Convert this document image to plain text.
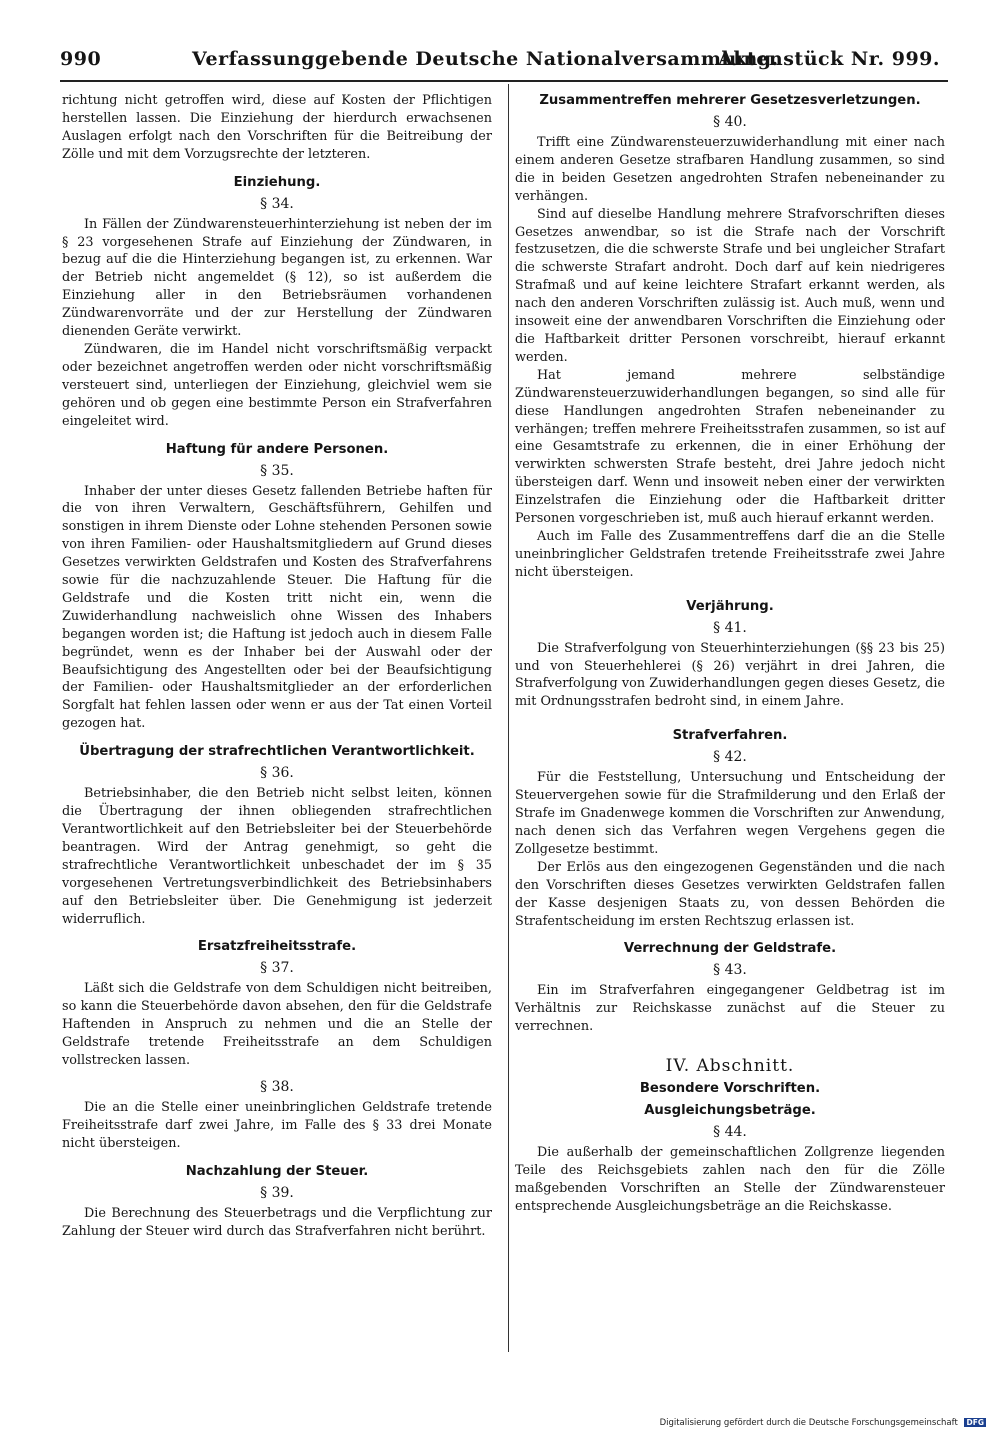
990	Verfassunggebende Deutsche Nationalversammlung.
Aktenstück Nr. 999.

richtung nicht getroffen wird, diese auf Kosten der Pflichtigen herstellen lassen. Die Einziehung der hierdurch erwachsenen Auslagen erfolgt nach den Vorschriften für die Beitreibung der Zölle und mit dem Vorzugsrechte der letzteren.

Einziehung.
§ 34.

In Fällen der Zündwarensteuerhinterziehung ist neben der im § 23 vorgesehenen Strafe auf Einziehung der Zündwaren, in bezug auf die die Hinterziehung begangen ist, zu erkennen. War der Betrieb nicht angemeldet (§ 12), so ist außerdem die Einziehung aller in den Betriebsräumen vorhandenen Zündwarenvorräte und der zur Herstellung der Zündwaren dienenden Geräte verwirkt.

Zündwaren, die im Handel nicht vorschriftsmäßig verpackt oder bezeichnet angetroffen werden oder nicht vorschriftsmäßig versteuert sind, unterliegen der Einziehung, gleichviel wem sie gehören und ob gegen eine bestimmte Person ein Strafverfahren eingeleitet wird.

Haftung für andere Personen.
§ 35.

Inhaber der unter dieses Gesetz fallenden Betriebe haften für die von ihren Verwaltern, Geschäftsführern, Gehilfen und sonstigen in ihrem Dienste oder Lohne stehenden Personen sowie von ihren Familien- oder Haushaltsmitgliedern auf Grund dieses Gesetzes verwirkten Geldstrafen und Kosten des Strafverfahrens sowie für die nachzuzahlende Steuer. Die Haftung für die Geldstrafe und die Kosten tritt nicht ein, wenn die Zuwiderhandlung nachweislich ohne Wissen des Inhabers begangen worden ist; die Haftung ist jedoch auch in diesem Falle begründet, wenn es der Inhaber bei der Auswahl oder der Beaufsichtigung des Angestellten oder bei der Beaufsichtigung der Familien- oder Haushaltsmitglieder an der erforderlichen Sorgfalt hat fehlen lassen oder wenn er aus der Tat einen Vorteil gezogen hat.

Übertragung der strafrechtlichen Verantwortlichkeit.
§ 36.

Betriebsinhaber, die den Betrieb nicht selbst leiten, können die Übertragung der ihnen obliegenden strafrechtlichen Verantwortlichkeit auf den Betriebsleiter bei der Steuerbehörde beantragen. Wird der Antrag genehmigt, so geht die strafrechtliche Verantwortlichkeit unbeschadet der im § 35 vorgesehenen Vertretungsverbindlichkeit des Betriebsinhabers auf den Betriebsleiter über. Die Genehmigung ist jederzeit widerruflich.

Ersatzfreiheitsstrafe.
§ 37.

Läßt sich die Geldstrafe von dem Schuldigen nicht beitreiben, so kann die Steuerbehörde davon absehen, den für die Geldstrafe Haftenden in Anspruch zu nehmen und die an Stelle der Geldstrafe tretende Freiheitsstrafe an dem Schuldigen vollstrecken lassen.

§ 38.

Die an die Stelle einer uneinbringlichen Geldstrafe tretende Freiheitsstrafe darf zwei Jahre, im Falle des § 33 drei Monate nicht übersteigen.

Nachzahlung der Steuer.
§ 39.

Die Berechnung des Steuerbetrags und die Verpflichtung zur Zahlung der Steuer wird durch das Strafverfahren nicht berührt.

Zusammentreffen mehrerer Gesetzesverletzungen.
§ 40.

Trifft eine Zündwarensteuerzuwiderhandlung mit einer nach einem anderen Gesetze strafbaren Handlung zusammen, so sind die in beiden Gesetzen angedrohten Strafen nebeneinander zu verhängen.

Sind auf dieselbe Handlung mehrere Strafvorschriften dieses Gesetzes anwendbar, so ist die Strafe nach der Vorschrift festzusetzen, die die schwerste Strafe und bei ungleicher Strafart die schwerste Strafart androht. Doch darf auf kein niedrigeres Strafmaß und auf keine leichtere Strafart erkannt werden, als nach den anderen Vorschriften zulässig ist. Auch muß, wenn und insoweit eine der anwendbaren Vorschriften die Einziehung oder die Haftbarkeit dritter Personen vorschreibt, hierauf erkannt werden.

Hat jemand mehrere selbständige Zündwarensteuerzuwiderhandlungen begangen, so sind alle für diese Handlungen angedrohten Strafen nebeneinander zu verhängen; treffen mehrere Freiheitsstrafen zusammen, so ist auf eine Gesamtstrafe zu erkennen, die in einer Erhöhung der verwirkten schwersten Strafe besteht, drei Jahre jedoch nicht übersteigen darf. Wenn und insoweit neben einer der verwirkten Einzelstrafen die Einziehung oder die Haftbarkeit dritter Personen vorgeschrieben ist, muß auch hierauf erkannt werden.

Auch im Falle des Zusammentreffens darf die an die Stelle uneinbringlicher Geldstrafen tretende Freiheitsstrafe zwei Jahre nicht übersteigen.

Verjährung.
§ 41.

Die Strafverfolgung von Steuerhinterziehungen (§§ 23 bis 25) und von Steuerhehlerei (§ 26) verjährt in drei Jahren, die Strafverfolgung von Zuwiderhandlungen gegen dieses Gesetz, die mit Ordnungsstrafen bedroht sind, in einem Jahre.

Strafverfahren.
§ 42.

Für die Feststellung, Untersuchung und Entscheidung der Steuervergehen sowie für die Strafmilderung und den Erlaß der Strafe im Gnadenwege kommen die Vorschriften zur Anwendung, nach denen sich das Verfahren wegen Vergehens gegen die Zollgesetze bestimmt.

Der Erlös aus den eingezogenen Gegenständen und die nach den Vorschriften dieses Gesetzes verwirkten Geldstrafen fallen der Kasse desjenigen Staats zu, von dessen Behörden die Strafentscheidung im ersten Rechtszug erlassen ist.

Verrechnung der Geldstrafe.
§ 43.

Ein im Strafverfahren eingegangener Geldbetrag ist im Verhältnis zur Reichskasse zunächst auf die Steuer zu verrechnen.

IV. Abschnitt.
Besondere Vorschriften.
Ausgleichungsbeträge.
§ 44.

Die außerhalb der gemeinschaftlichen Zollgrenze liegenden Teile des Reichsgebiets zahlen nach den für die Zölle maßgebenden Vorschriften an Stelle der Zündwarensteuer entsprechende Ausgleichungsbeträge an die Reichskasse.

Digitalisierung gefördert durch die Deutsche Forschungsgemeinschaft DFG
